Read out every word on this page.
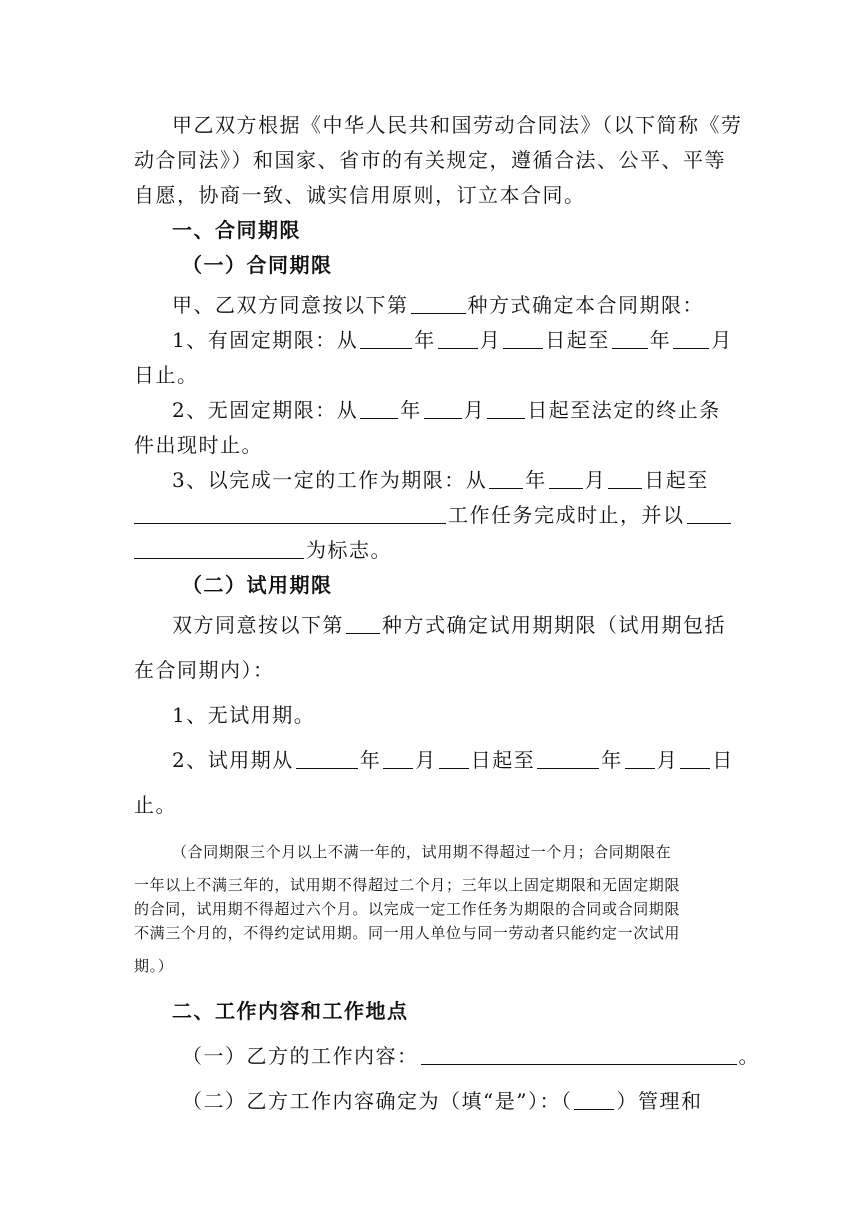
甲乙双方根据《中华人民共和国劳动合同法》（以下简称《劳
动合同法》）和国家、省市的有关规定，遵循合法、公平、平等
自愿，协商一致、诚实信用原则，订立本合同。
一、合同期限
（一）合同期限
甲、乙双方同意按以下第	种方式确定本合同期限：
1、有固定期限：从	年 月 日起至 年 月
日止。
2、无固定期限：从 年 月 日起至法定的终止条
件出现时止。
3、以完成一定的工作为期限：从 年 月 日起至
工作任务完成时止，并以
为标志。
（二）试用期限
双方同意按以下第 种方式确定试用期期限（试用期包括
在合同期内）：
1、无试用期。
2、试用期从	年 月 日起至	年 月 日
止。
（合同期限三个月以上不满一年的，试用期不得超过一个月；合同期限在
一年以上不满三年的，试用期不得超过二个月；三年以上固定期限和无固定期限
的合同，试用期不得超过六个月。以完成一定工作任务为期限的合同或合同期限
不满三个月的，不得约定试用期。同一用人单位与同一劳动者只能约定一次试用
期。）
二、工作内容和工作地点
（一）乙方的工作内容：	。
（二）乙方工作内容确定为（填“是”）：（ ）管理和
